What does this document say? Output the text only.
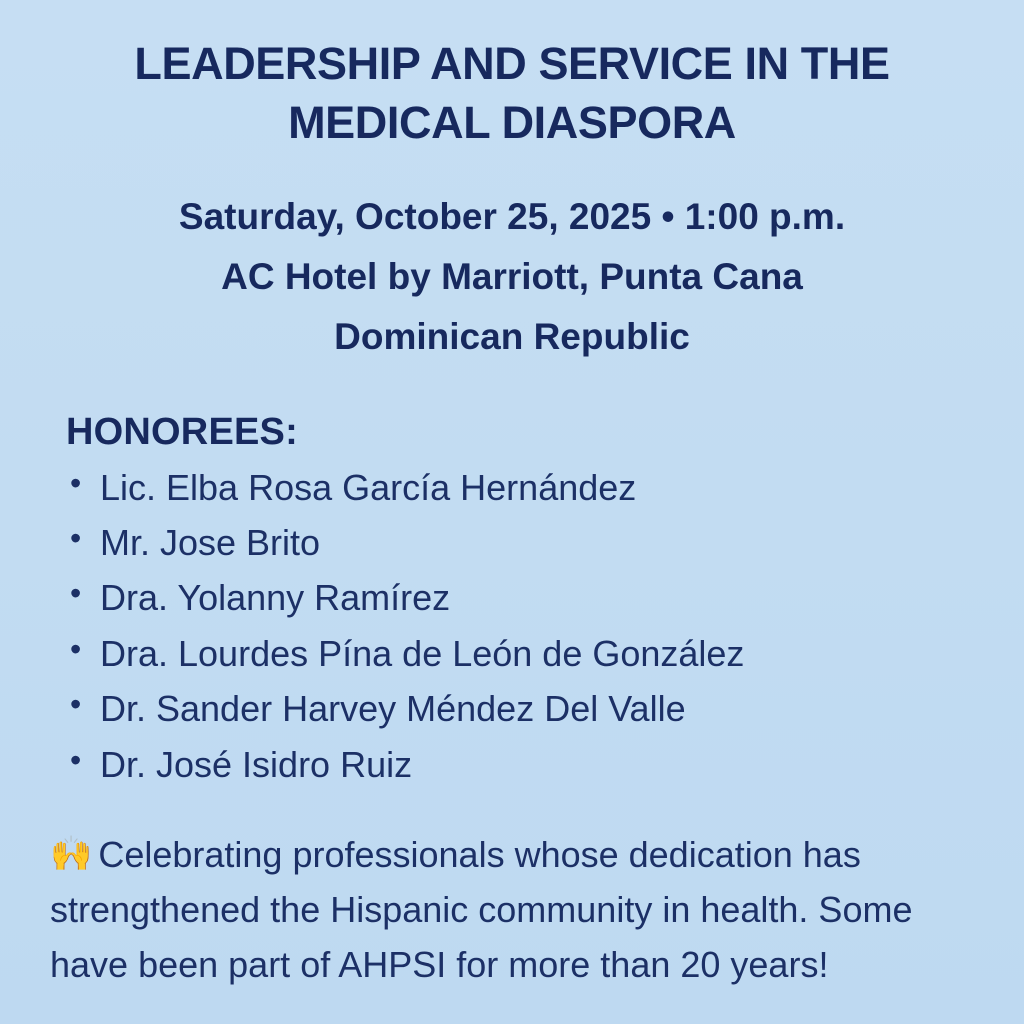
LEADERSHIP AND SERVICE IN THE MEDICAL DIASPORA
Saturday, October 25, 2025 • 1:00 p.m.
AC Hotel by Marriott, Punta Cana
Dominican Republic
HONOREES:
• Lic. Elba Rosa García Hernández
• Mr. Jose Brito
• Dra. Yolanny Ramírez
• Dra. Lourdes Pína de León de González
• Dr. Sander Harvey Méndez Del Valle
• Dr. José Isidro Ruiz

🙌 Celebrating professionals whose dedication has strengthened the Hispanic community in health. Some have been part of AHPSI for more than 20 years!
